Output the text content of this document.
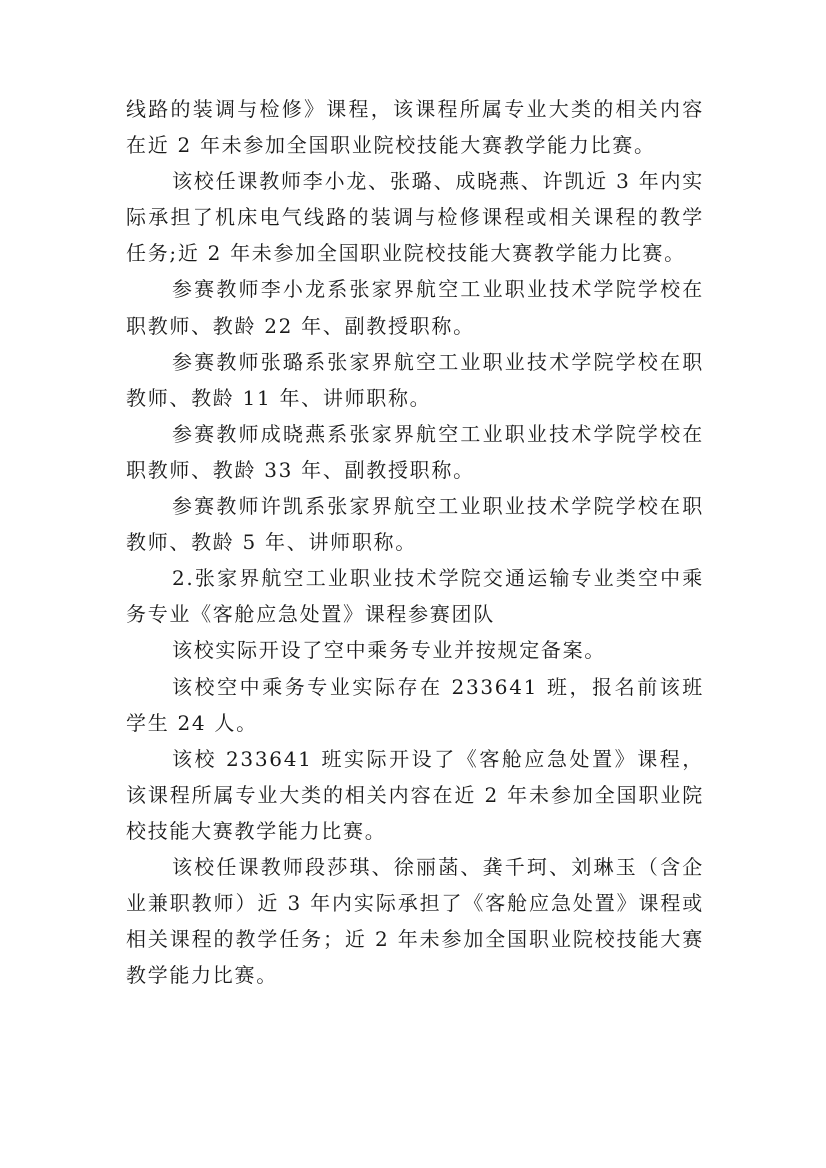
线路的装调与检修》课程，该课程所属专业大类的相关内容在近 2 年未参加全国职业院校技能大赛教学能力比赛。

该校任课教师李小龙、张璐、成晓燕、许凯近 3 年内实际承担了机床电气线路的装调与检修课程或相关课程的教学任务;近 2 年未参加全国职业院校技能大赛教学能力比赛。

参赛教师李小龙系张家界航空工业职业技术学院学校在职教师、教龄 22 年、副教授职称。

参赛教师张璐系张家界航空工业职业技术学院学校在职教师、教龄 11 年、讲师职称。

参赛教师成晓燕系张家界航空工业职业技术学院学校在职教师、教龄 33 年、副教授职称。

参赛教师许凯系张家界航空工业职业技术学院学校在职教师、教龄 5 年、讲师职称。

2.张家界航空工业职业技术学院交通运输专业类空中乘务专业《客舱应急处置》课程参赛团队

该校实际开设了空中乘务专业并按规定备案。

该校空中乘务专业实际存在 233641 班，报名前该班学生 24 人。

该校 233641 班实际开设了《客舱应急处置》课程，该课程所属专业大类的相关内容在近 2 年未参加全国职业院校技能大赛教学能力比赛。

该校任课教师段莎琪、徐丽菡、龚千珂、刘琳玉（含企业兼职教师）近 3 年内实际承担了《客舱应急处置》课程或相关课程的教学任务；近 2 年未参加全国职业院校技能大赛教学能力比赛。
